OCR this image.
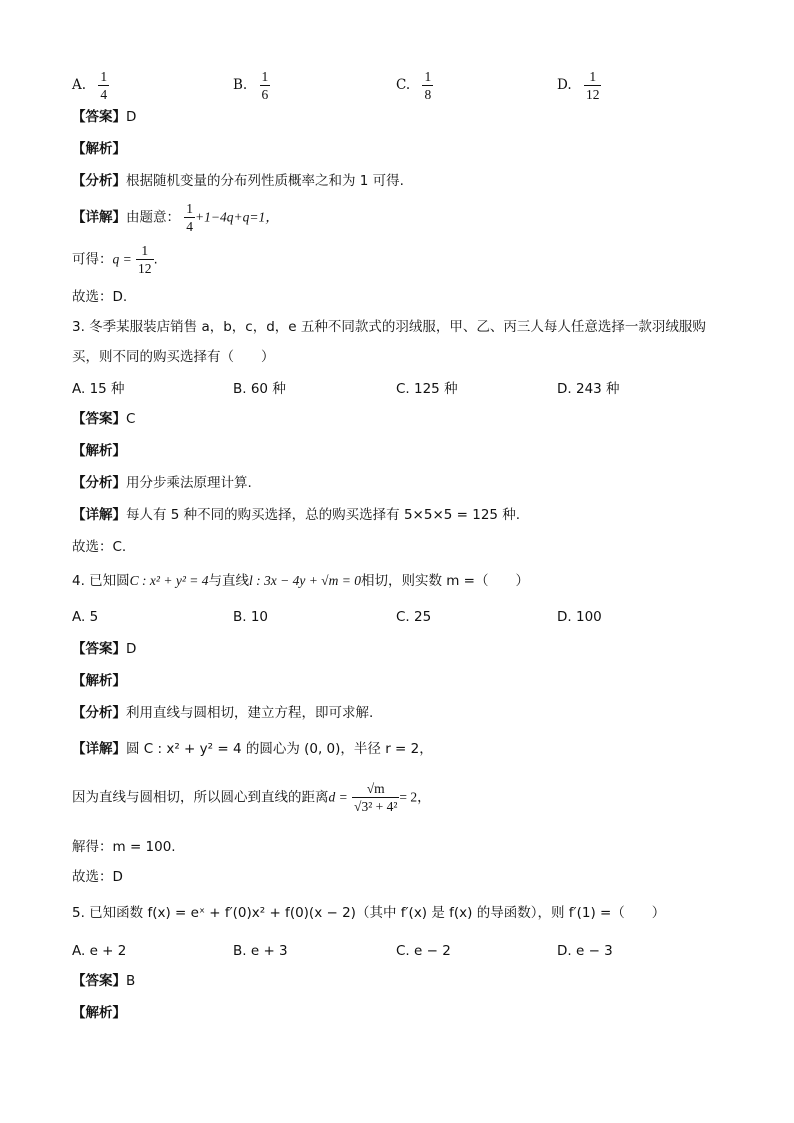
A. $\frac{1}{4}$	B. $\frac{1}{6}$	C. $\frac{1}{8}$	D. $\frac{1}{12}$
【答案】D
【解析】
【分析】根据随机变量的分布列性质概率之和为 1 可得.
【详解】由题意： $\frac{1}{4} +1-4q+q=1$，
可得：$q = \frac{1}{12}$ .
故选：D.
3. 冬季某服装店销售 a，b，c，d，e 五种不同款式的羽绒服，甲、乙、丙三人每人任意选择一款羽绒服购
买，则不同的购买选择有（　　）
A. 15 种	B. 60 种	C. 125 种	D. 243 种
【答案】C
【解析】
【分析】用分步乘法原理计算.
【详解】每人有 5 种不同的购买选择，总的购买选择有 5×5×5 = 125 种.
故选：C.
4. 已知圆C : x² + y² = 4与直线l : 3x − 4y + √m = 0相切，则实数 m =（　　）
A. 5	B. 10	C. 25	D. 100
【答案】D
【解析】
【分析】利用直线与圆相切，建立方程，即可求解.
【详解】圆 C : x² + y² = 4 的圆心为 (0, 0)，半径 r = 2，
因为直线与圆相切，所以圆心到直线的距离$d = \frac{√m}{\text{√3² + 4²}} = 2$，
解得：m = 100.
故选：D
5. 已知函数 f(x) = eˣ + f′(0)x² + f(0)(x − 2)（其中 f′(x) 是 f(x) 的导函数），则 f′(1) =（　　）
A. e + 2	B. e + 3	C. e − 2	D. e − 3
【答案】B
【解析】
